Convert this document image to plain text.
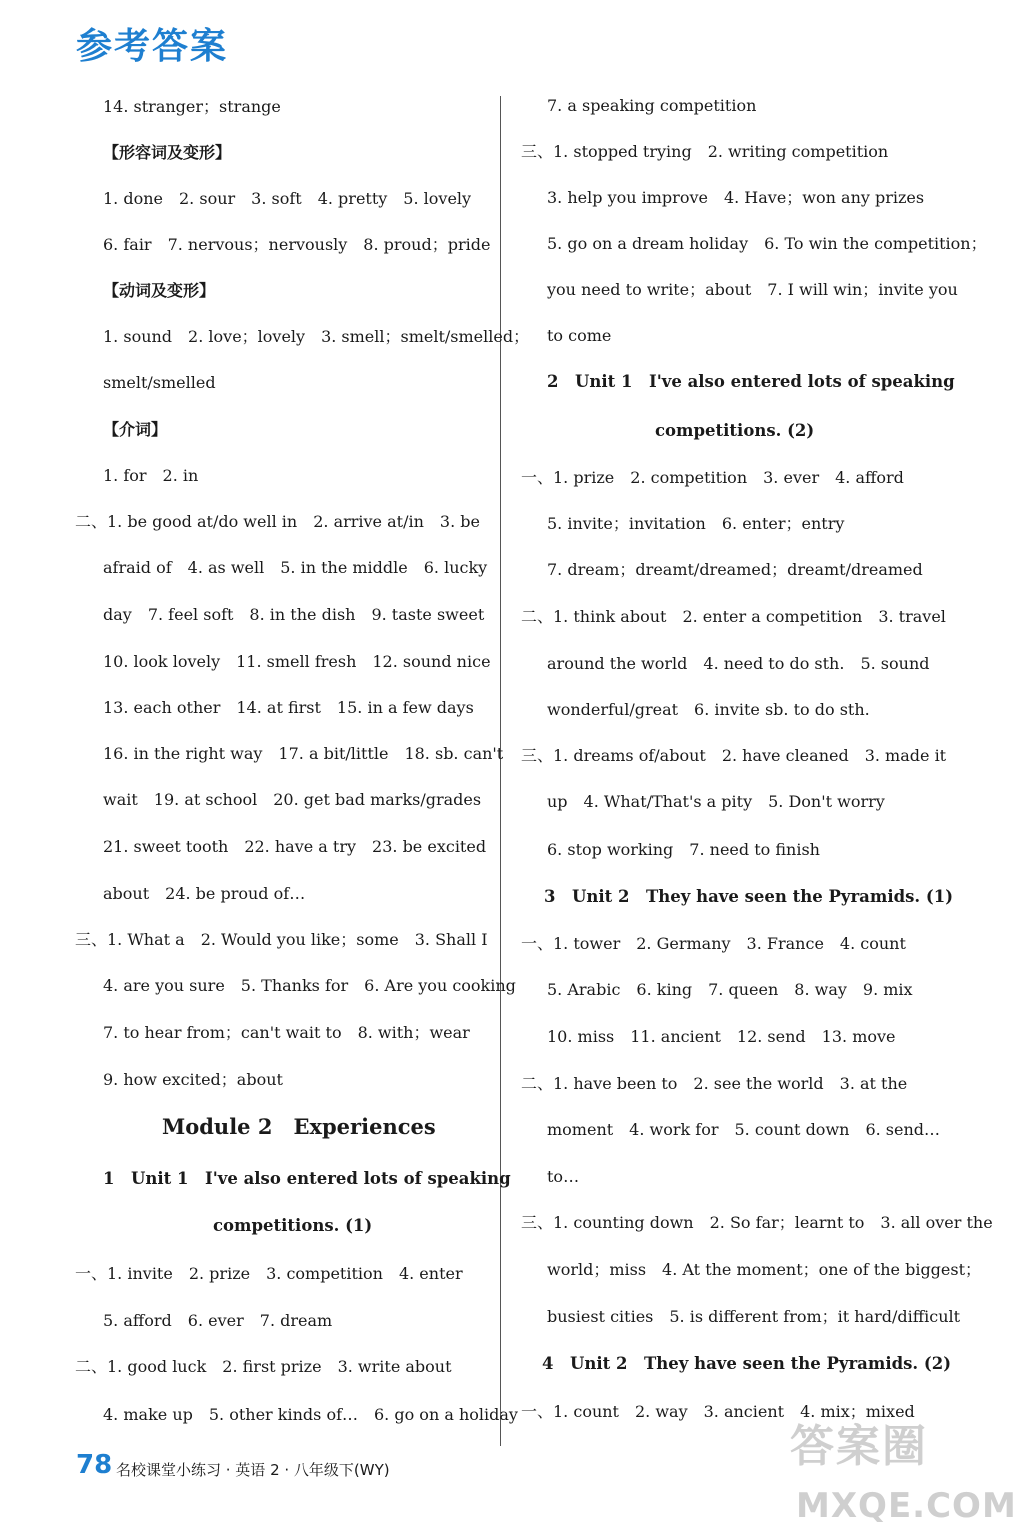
参考答案
14. stranger；strange
【形容词及变形】
1. done　2. sour　3. soft　4. pretty　5. lovely
6. fair　7. nervous；nervously　8. proud；pride
【动词及变形】
1. sound　2. love；lovely　3. smell；smelt/smelled；
smelt/smelled
【介词】
1. for　2. in
二、1. be good at/do well in　2. arrive at/in　3. be
afraid of　4. as well　5. in the middle　6. lucky
day　7. feel soft　8. in the dish　9. taste sweet
10. look lovely　11. smell fresh　12. sound nice
13. each other　14. at first　15. in a few days
16. in the right way　17. a bit/little　18. sb. can't
wait　19. at school　20. get bad marks/grades
21. sweet tooth　22. have a try　23. be excited
about　24. be proud of…
三、1. What a　2. Would you like；some　3. Shall I
4. are you sure　5. Thanks for　6. Are you cooking
7. to hear from；can't wait to　8. with；wear
9. how excited；about
Module 2　Experiences
1　Unit 1　I've also entered lots of speaking
competitions. (1)
一、1. invite　2. prize　3. competition　4. enter
5. afford　6. ever　7. dream
二、1. good luck　2. first prize　3. write about
4. make up　5. other kinds of…　6. go on a holiday
7. a speaking competition
三、1. stopped trying　2. writing competition
3. help you improve　4. Have；won any prizes
5. go on a dream holiday　6. To win the competition；
you need to write；about　7. I will win；invite you
to come
2　Unit 1　I've also entered lots of speaking
competitions. (2)
一、1. prize　2. competition　3. ever　4. afford
5. invite；invitation　6. enter；entry
7. dream；dreamt/dreamed；dreamt/dreamed
二、1. think about　2. enter a competition　3. travel
around the world　4. need to do sth.　5. sound
wonderful/great　6. invite sb. to do sth.
三、1. dreams of/about　2. have cleaned　3. made it
up　4. What/That's a pity　5. Don't worry
6. stop working　7. need to finish
3　Unit 2　They have seen the Pyramids. (1)
一、1. tower　2. Germany　3. France　4. count
5. Arabic　6. king　7. queen　8. way　9. mix
10. miss　11. ancient　12. send　13. move
二、1. have been to　2. see the world　3. at the
moment　4. work for　5. count down　6. send…
to…
三、1. counting down　2. So far；learnt to　3. all over the
world；miss　4. At the moment；one of the biggest；
busiest cities　5. is different from；it hard/difficult
4　Unit 2　They have seen the Pyramids. (2)
一、1. count　2. way　3. ancient　4. mix；mixed
78 名校课堂小练习 · 英语 2 · 八年级下(WY)	答案圈
MXQE.COM
